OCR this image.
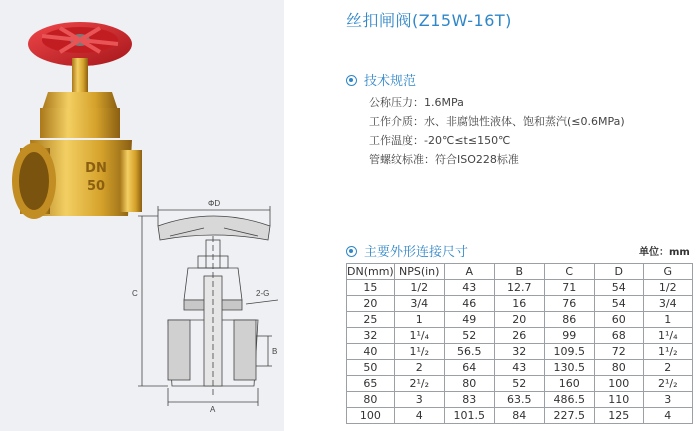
DN
50
ΦD
C	2-G
B
A
丝扣闸阀(Z15W-16T)
技术规范
公称压力：1.6MPa
工作介质：水、非腐蚀性液体、饱和蒸汽(≤0.6MPa)
工作温度：-20℃≤t≤150℃
管螺纹标准：符合ISO228标准
主要外形连接尺寸	单位：mm
DN(mm)	NPS(in)	A	B	C	D	G
15	1/2	43	12.7	71	54	1/2
20	3/4	46	16	76	54	3/4
25	1	49	20	86	60	1
32	1¹/₄	52	26	99	68	1¹/₄
40	1¹/₂	56.5	32	109.5	72	1¹/₂
50	2	64	43	130.5	80	2
65	2¹/₂	80	52	160	100	2¹/₂
80	3	83	63.5	486.5	110	3
100	4	101.5	84	227.5	125	4
